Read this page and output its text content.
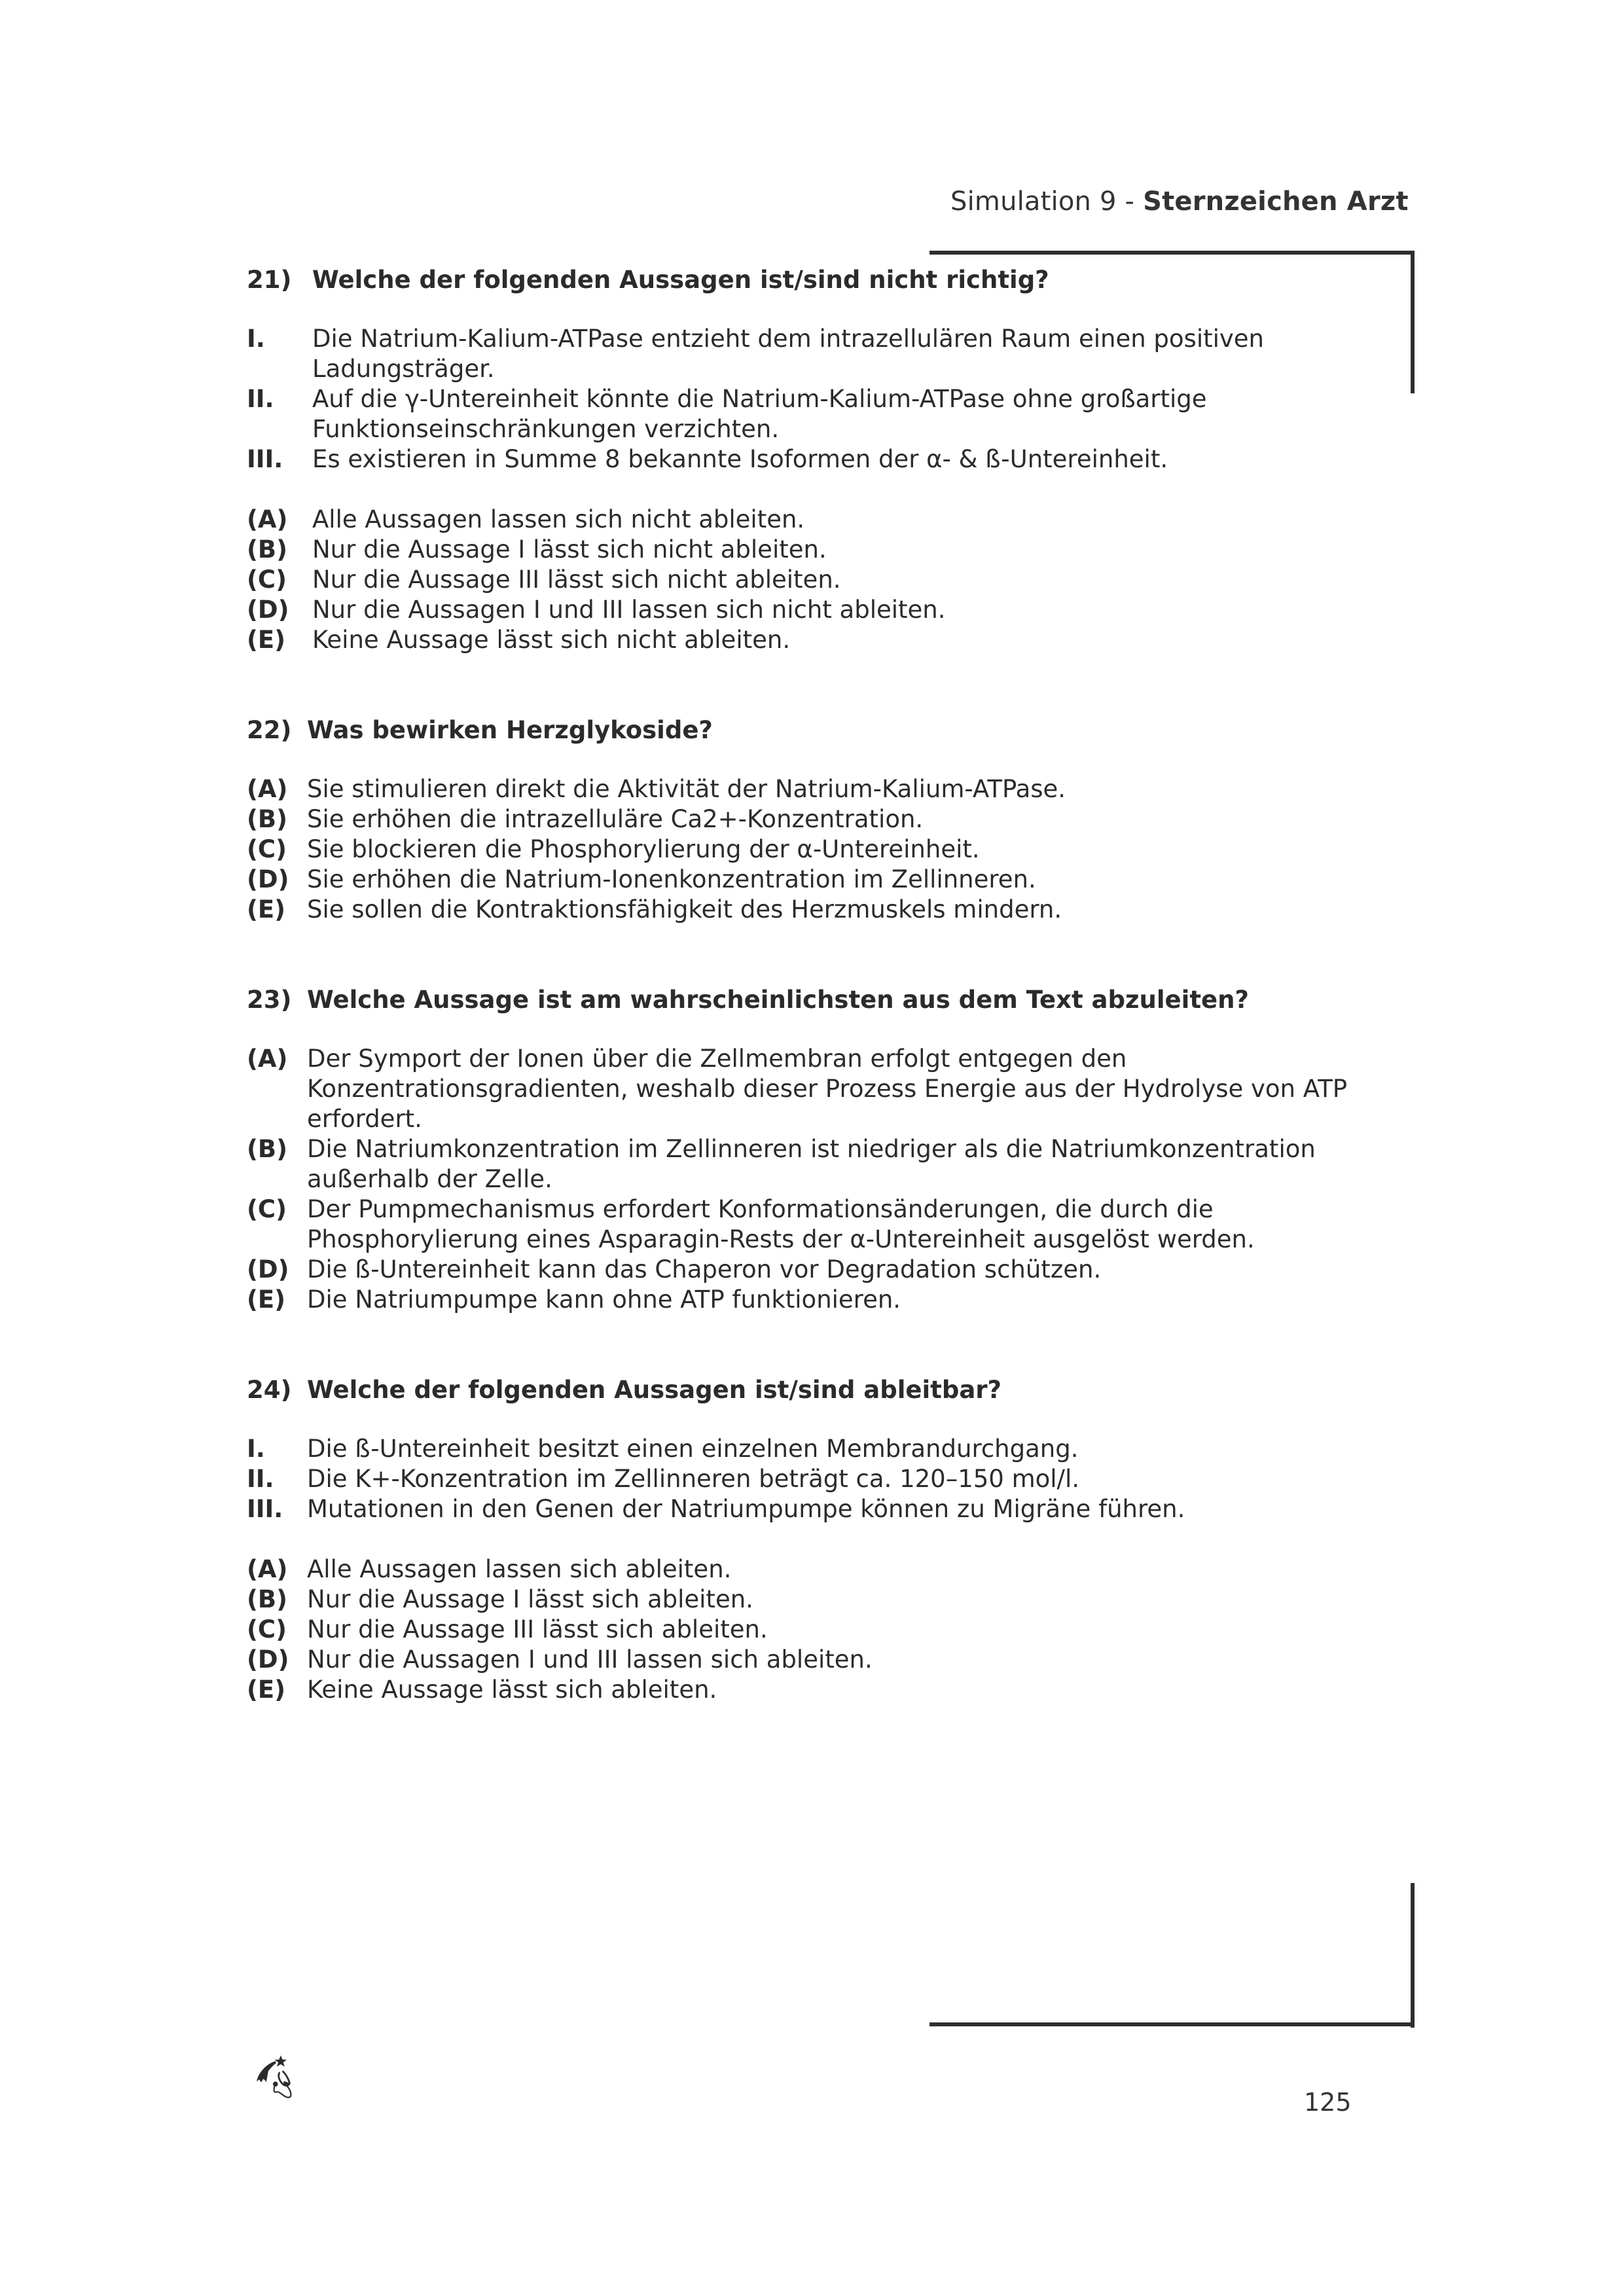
Simulation 9 - Sternzeichen Arzt
21) Welche der folgenden Aussagen ist/sind nicht richtig?
I.	Die Natrium-Kalium-ATPase entzieht dem intrazellulären Raum einen positiven Ladungsträger.
II.	Auf die γ-Untereinheit könnte die Natrium-Kalium-ATPase ohne großartige Funktionseinschränkungen verzichten.
III.	Es existieren in Summe 8 bekannte Isoformen der α- & ß-Untereinheit.
(A)	Alle Aussagen lassen sich nicht ableiten.
(B)	Nur die Aussage I lässt sich nicht ableiten.
(C)	Nur die Aussage III lässt sich nicht ableiten.
(D) Nur die Aussagen I und III lassen sich nicht ableiten.
(E)	Keine Aussage lässt sich nicht ableiten.
22) Was bewirken Herzglykoside?
(A) Sie stimulieren direkt die Aktivität der Natrium-Kalium-ATPase.
(B) Sie erhöhen die intrazelluläre Ca2+-Konzentration.
(C) Sie blockieren die Phosphorylierung der α-Untereinheit.
(D) Sie erhöhen die Natrium-Ionenkonzentration im Zellinneren.
(E) Sie sollen die Kontraktionsfähigkeit des Herzmuskels mindern.
23) Welche Aussage ist am wahrscheinlichsten aus dem Text abzuleiten?
(A) Der Symport der Ionen über die Zellmembran erfolgt entgegen den Konzentrationsgradienten, weshalb dieser Prozess Energie aus der Hydrolyse von ATP erfordert.
(B) Die Natriumkonzentration im Zellinneren ist niedriger als die Natriumkonzentration außerhalb der Zelle.
(C) Der Pumpmechanismus erfordert Konformationsänderungen, die durch die Phosphorylierung eines Asparagin-Rests der α-Untereinheit ausgelöst werden.
(D) Die ß-Untereinheit kann das Chaperon vor Degradation schützen.
(E) Die Natriumpumpe kann ohne ATP funktionieren.
24) Welche der folgenden Aussagen ist/sind ableitbar?
I.	Die ß-Untereinheit besitzt einen einzelnen Membrandurchgang.
II.	Die K+-Konzentration im Zellinneren beträgt ca. 120–150 mol/l.
III. Mutationen in den Genen der Natriumpumpe können zu Migräne führen.
(A) Alle Aussagen lassen sich ableiten.
(B) Nur die Aussage I lässt sich ableiten.
(C) Nur die Aussage III lässt sich ableiten.
(D) Nur die Aussagen I und III lassen sich ableiten.
(E) Keine Aussage lässt sich ableiten.
125
